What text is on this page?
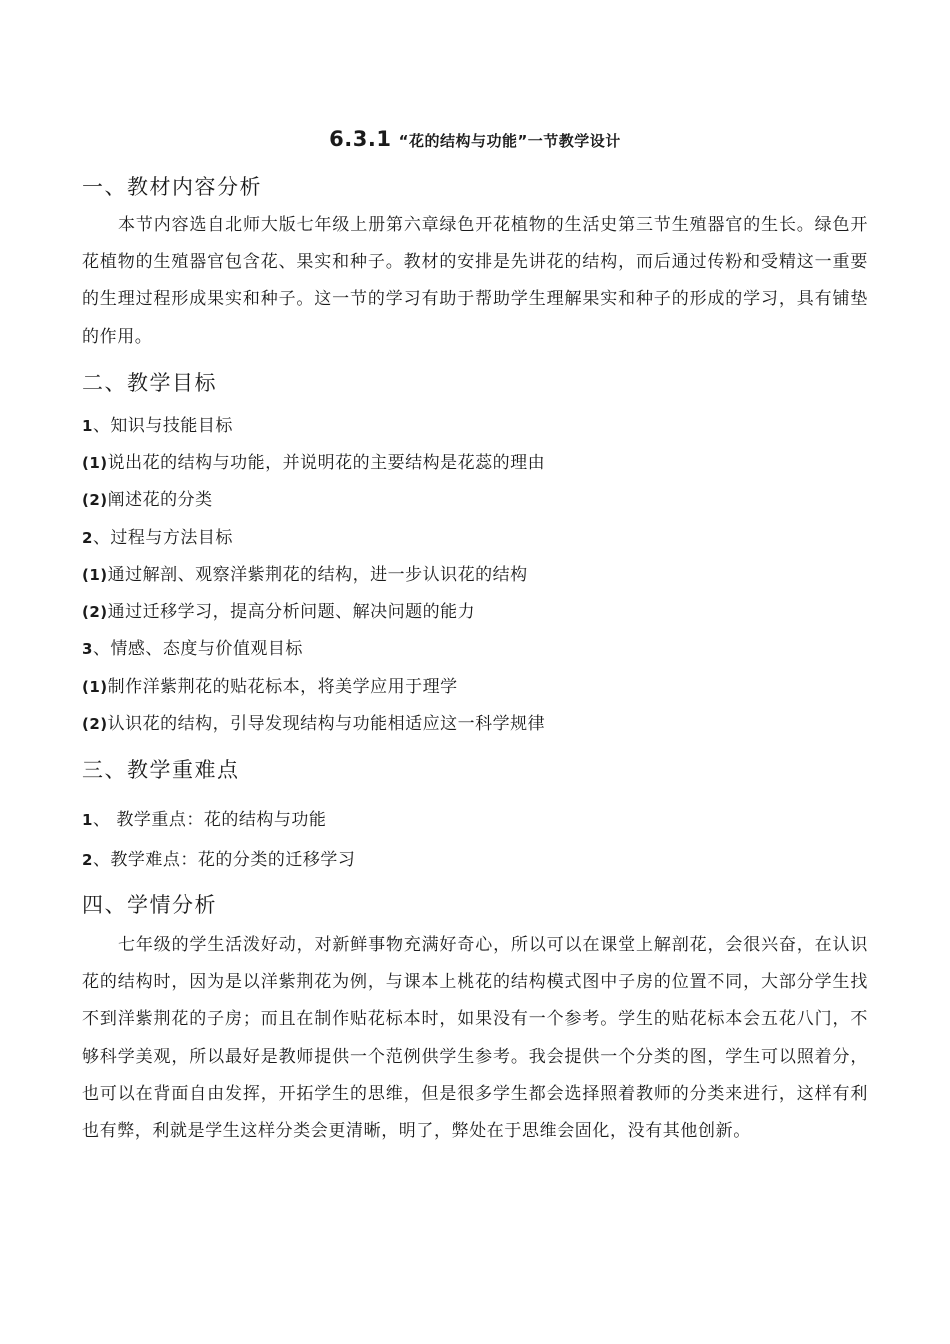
6.3.1 “花的结构与功能”一节教学设计
一、教材内容分析

本节内容选自北师大版七年级上册第六章绿色开花植物的生活史第三节生殖器官的生长。绿色开花植物的生殖器官包含花、果实和种子。教材的安排是先讲花的结构，而后通过传粉和受精这一重要的生理过程形成果实和种子。这一节的学习有助于帮助学生理解果实和种子的形成的学习，具有铺垫的作用。

二、教学目标
1、知识与技能目标
(1)说出花的结构与功能，并说明花的主要结构是花蕊的理由
(2)阐述花的分类
2、过程与方法目标
(1)通过解剖、观察洋紫荆花的结构，进一步认识花的结构
(2)通过迁移学习，提高分析问题、解决问题的能力
3、情感、态度与价值观目标
(1)制作洋紫荆花的贴花标本，将美学应用于理学
(2)认识花的结构，引导发现结构与功能相适应这一科学规律
三、教学重难点
1、 教学重点：花的结构与功能
2、教学难点：花的分类的迁移学习
四、学情分析

七年级的学生活泼好动，对新鲜事物充满好奇心，所以可以在课堂上解剖花，会很兴奋，在认识花的结构时，因为是以洋紫荆花为例，与课本上桃花的结构模式图中子房的位置不同，大部分学生找不到洋紫荆花的子房；而且在制作贴花标本时，如果没有一个参考。学生的贴花标本会五花八门，不够科学美观，所以最好是教师提供一个范例供学生参考。我会提供一个分类的图，学生可以照着分，也可以在背面自由发挥，开拓学生的思维，但是很多学生都会选择照着教师的分类来进行，这样有利也有弊，利就是学生这样分类会更清晰，明了，弊处在于思维会固化，没有其他创新。
